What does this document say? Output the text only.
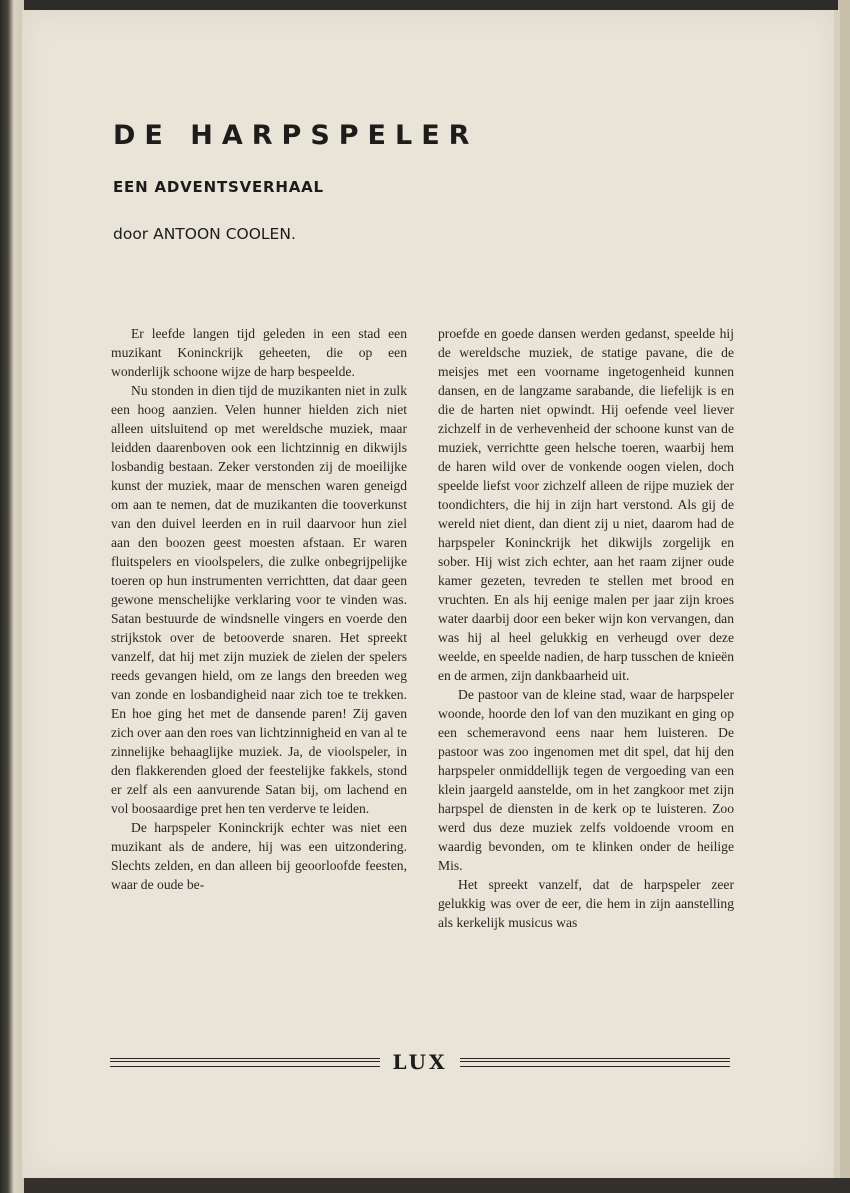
DE HARPSPELER
EEN ADVENTSVERHAAL
door ANTOON COOLEN.

Er leefde langen tijd geleden in een stad een muzikant Koninckrijk geheeten, die op een wonderlijk schoone wijze de harp bespeelde.

Nu stonden in dien tijd de muzikanten niet in zulk een hoog aanzien. Velen hunner hielden zich niet alleen uitsluitend op met wereldsche muziek, maar leidden daarenboven ook een lichtzinnig en dikwijls losbandig bestaan. Zeker verstonden zij de moeilijke kunst der muziek, maar de menschen waren geneigd om aan te nemen, dat de muzikanten die tooverkunst van den duivel leerden en in ruil daarvoor hun ziel aan den boozen geest moesten afstaan. Er waren fluitspelers en vioolspelers, die zulke onbegrijpelijke toeren op hun instrumenten verrichtten, dat daar geen gewone menschelijke verklaring voor te vinden was. Satan bestuurde de windsnelle vingers en voerde den strijkstok over de betooverde snaren. Het spreekt vanzelf, dat hij met zijn muziek de zielen der spelers reeds gevangen hield, om ze langs den breeden weg van zonde en losbandigheid naar zich toe te trekken. En hoe ging het met de dansende paren! Zij gaven zich over aan den roes van lichtzinnigheid en van al te zinnelijke behaaglijke muziek. Ja, de vioolspeler, in den flakkerenden gloed der feestelijke fakkels, stond er zelf als een aanvurende Satan bij, om lachend en vol boosaardige pret hen ten verderve te leiden.

De harpspeler Koninckrijk echter was niet een muzikant als de andere, hij was een uitzondering. Slechts zelden, en dan alleen bij geoorloofde feesten, waar de oude be-

proefde en goede dansen werden gedanst, speelde hij de wereldsche muziek, de statige pavane, die de meisjes met een voorname ingetogenheid kunnen dansen, en de langzame sarabande, die liefelijk is en die de harten niet opwindt. Hij oefende veel liever zichzelf in de verhevenheid der schoone kunst van de muziek, verrichtte geen helsche toeren, waarbij hem de haren wild over de vonkende oogen vielen, doch speelde liefst voor zichzelf alleen de rijpe muziek der toondichters, die hij in zijn hart verstond. Als gij de wereld niet dient, dan dient zij u niet, daarom had de harpspeler Koninckrijk het dikwijls zorgelijk en sober. Hij wist zich echter, aan het raam zijner oude kamer gezeten, tevreden te stellen met brood en vruchten. En als hij eenige malen per jaar zijn kroes water daarbij door een beker wijn kon vervangen, dan was hij al heel gelukkig en verheugd over deze weelde, en speelde nadien, de harp tusschen de knieën en de armen, zijn dankbaarheid uit.

De pastoor van de kleine stad, waar de harpspeler woonde, hoorde den lof van den muzikant en ging op een schemeravond eens naar hem luisteren. De pastoor was zoo ingenomen met dit spel, dat hij den harpspeler onmiddellijk tegen de vergoeding van een klein jaargeld aanstelde, om in het zangkoor met zijn harpspel de diensten in de kerk op te luisteren. Zoo werd dus deze muziek zelfs voldoende vroom en waardig bevonden, om te klinken onder de heilige Mis.

Het spreekt vanzelf, dat de harpspeler zeer gelukkig was over de eer, die hem in zijn aanstelling als kerkelijk musicus was

LUX
